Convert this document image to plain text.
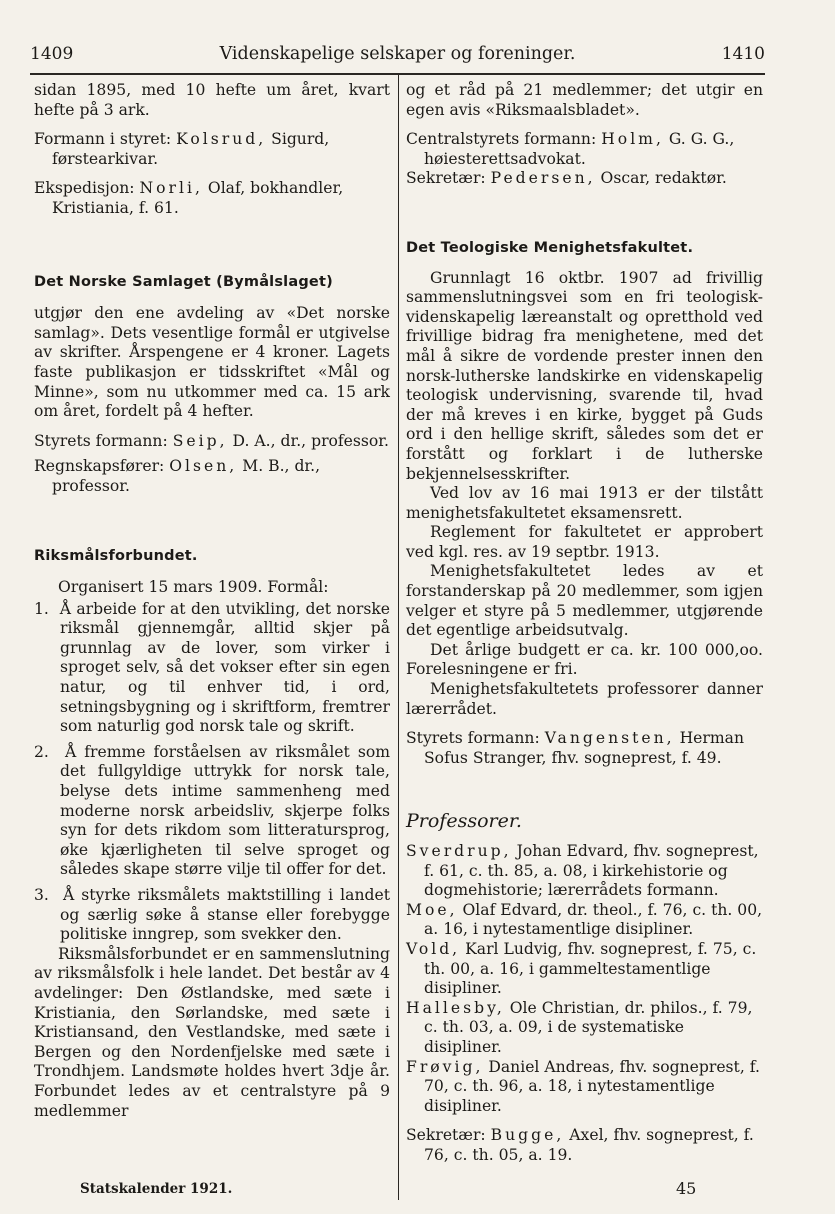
1409	Videnskapelige selskaper og foreninger.	1410

sidan 1895, med 10 hefte um året, kvart hefte på 3 ark.

Formann i styret: Kolsrud, Sigurd, førstearkivar.

Ekspedisjon: Norli, Olaf, bokhandler, Kristiania, f. 61.

Det Norske Samlaget (Bymålslaget)

utgjør den ene avdeling av «Det norske samlag». Dets vesentlige formål er utgivelse av skrifter. Årspengene er 4 kroner. Lagets faste publikasjon er tidsskriftet «Mål og Minne», som nu utkommer med ca. 15 ark om året, fordelt på 4 hefter.

Styrets formann: Seip, D. A., dr., professor.

Regnskapsfører: Olsen, M. B., dr., professor.

Riksmålsforbundet.

Organisert 15 mars 1909. Formål:

1. Å arbeide for at den utvikling, det norske riksmål gjennemgår, alltid skjer på grunnlag av de lover, som virker i sproget selv, så det vokser efter sin egen natur, og til enhver tid, i ord, setningsbygning og i skriftform, fremtrer som naturlig god norsk tale og skrift.

2. Å fremme forståelsen av riksmålet som det fullgyldige uttrykk for norsk tale, belyse dets intime sammenheng med moderne norsk arbeidsliv, skjerpe folks syn for dets rikdom som litteratursprog, øke kjærligheten til selve sproget og således skape større vilje til offer for det.

3. Å styrke riksmålets maktstilling i landet og særlig søke å stanse eller forebygge politiske inngrep, som svekker den.

Riksmålsforbundet er en sammenslutning av riksmålsfolk i hele landet. Det består av 4 avdelinger: Den Østlandske, med sæte i Kristiania, den Sørlandske, med sæte i Kristiansand, den Vestlandske, med sæte i Bergen og den Nordenfjelske med sæte i Trondhjem. Landsmøte holdes hvert 3dje år. Forbundet ledes av et centralstyre på 9 medlemmer

og et råd på 21 medlemmer; det utgir en egen avis «Riksmaalsbladet».

Centralstyrets formann: Holm, G. G. G., høiesterettsadvokat.

Sekretær: Pedersen, Oscar, redaktør.

Det Teologiske Menighetsfakultet.

Grunnlagt 16 oktbr. 1907 ad frivillig sammenslutningsvei som en fri teologisk-videnskapelig læreanstalt og opretthold ved frivillige bidrag fra menighetene, med det mål å sikre de vordende prester innen den norsk-lutherske landskirke en videnskapelig teologisk undervisning, svarende til, hvad der må kreves i en kirke, bygget på Guds ord i den hellige skrift, således som det er forstått og forklart i de lutherske bekjennelsesskrifter.

Ved lov av 16 mai 1913 er der tilstått menighetsfakultetet eksamensrett.

Reglement for fakultetet er approbert ved kgl. res. av 19 septbr. 1913.

Menighetsfakultetet ledes av et forstanderskap på 20 medlemmer, som igjen velger et styre på 5 medlemmer, utgjørende det egentlige arbeidsutvalg.

Det årlige budgett er ca. kr. 100 000,oo. Forelesningene er fri.

Menighetsfakultetets professorer danner lærerrådet.

Styrets formann: Vangensten, Herman Sofus Stranger, fhv. sogneprest, f. 49.

Professorer.

Sverdrup, Johan Edvard, fhv. sogneprest, f. 61, c. th. 85, a. 08, i kirkehistorie og dogmehistorie; lærerrådets formann.

Moe, Olaf Edvard, dr. theol., f. 76, c. th. 00, a. 16, i nytestamentlige disipliner.

Vold, Karl Ludvig, fhv. sogneprest, f. 75, c. th. 00, a. 16, i gammeltestamentlige disipliner.

Hallesby, Ole Christian, dr. philos., f. 79, c. th. 03, a. 09, i de systematiske disipliner.

Frøvig, Daniel Andreas, fhv. sogneprest, f. 70, c. th. 96, a. 18, i nytestamentlige disipliner.

Sekretær: Bugge, Axel, fhv. sogneprest, f. 76, c. th. 05, a. 19.

Statskalender 1921.	45
